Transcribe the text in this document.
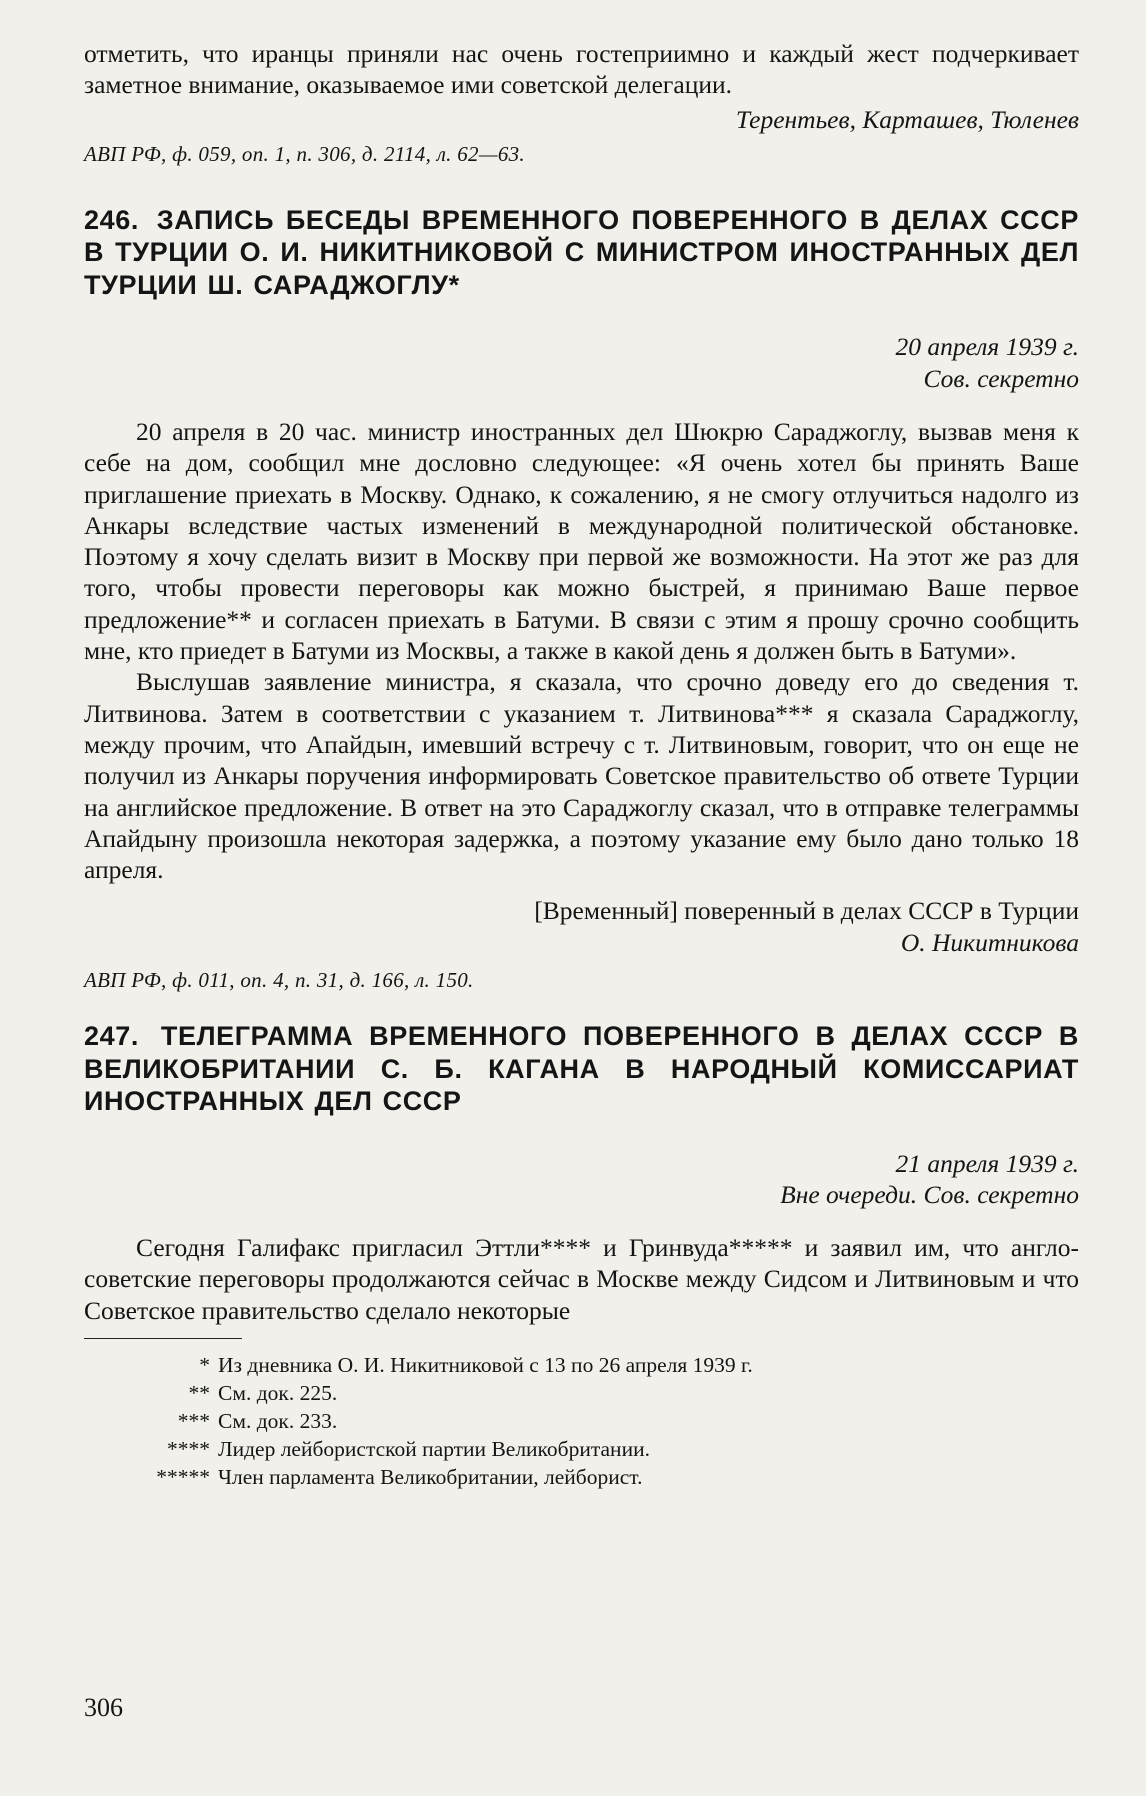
отметить, что иранцы приняли нас очень гостеприимно и каждый жест подчеркивает заметное внимание, оказываемое ими советской делегации.

Терентьев, Карташев, Тюленев

АВП РФ, ф. 059, оп. 1, п. 306, д. 2114, л. 62—63.

246. ЗАПИСЬ БЕСЕДЫ ВРЕМЕННОГО ПОВЕРЕННОГО В ДЕЛАХ СССР В ТУРЦИИ О. И. НИКИТНИКОВОЙ С МИНИСТРОМ ИНОСТРАННЫХ ДЕЛ ТУРЦИИ Ш. САРАДЖОГЛУ*

20 апреля 1939 г.

Сов. секретно

20 апреля в 20 час. министр иностранных дел Шюкрю Сараджоглу, вызвав меня к себе на дом, сообщил мне дословно следующее: «Я очень хотел бы принять Ваше приглашение приехать в Москву. Однако, к сожалению, я не смогу отлучиться надолго из Анкары вследствие частых изменений в международной политической обстановке. Поэтому я хочу сделать визит в Москву при первой же возможности. На этот же раз для того, чтобы провести переговоры как можно быстрей, я принимаю Ваше первое предложение** и согласен приехать в Батуми. В связи с этим я прошу срочно сообщить мне, кто приедет в Батуми из Москвы, а также в какой день я должен быть в Батуми».

Выслушав заявление министра, я сказала, что срочно доведу его до сведения т. Литвинова. Затем в соответствии с указанием т. Литвинова*** я сказала Сараджоглу, между прочим, что Апайдын, имевший встречу с т. Литвиновым, говорит, что он еще не получил из Анкары поручения информировать Советское правительство об ответе Турции на английское предложение. В ответ на это Сараджоглу сказал, что в отправке телеграммы Апайдыну произошла некоторая задержка, а поэтому указание ему было дано только 18 апреля.

[Временный] поверенный в делах СССР в Турции

О. Никитникова

АВП РФ, ф. 011, оп. 4, п. 31, д. 166, л. 150.

247. ТЕЛЕГРАММА ВРЕМЕННОГО ПОВЕРЕННОГО В ДЕЛАХ СССР В ВЕЛИКОБРИТАНИИ С. Б. КАГАНА В НАРОДНЫЙ КОМИССАРИАТ ИНОСТРАННЫХ ДЕЛ СССР

21 апреля 1939 г.

Вне очереди. Сов. секретно

Сегодня Галифакс пригласил Эттли**** и Гринвуда***** и заявил им, что англо-советские переговоры продолжаются сейчас в Москве между Сидсом и Литвиновым и что Советское правительство сделало некоторые

* Из дневника О. И. Никитниковой с 13 по 26 апреля 1939 г.
** См. док. 225.
*** См. док. 233.
**** Лидер лейбористской партии Великобритании.
***** Член парламента Великобритании, лейборист.
306
